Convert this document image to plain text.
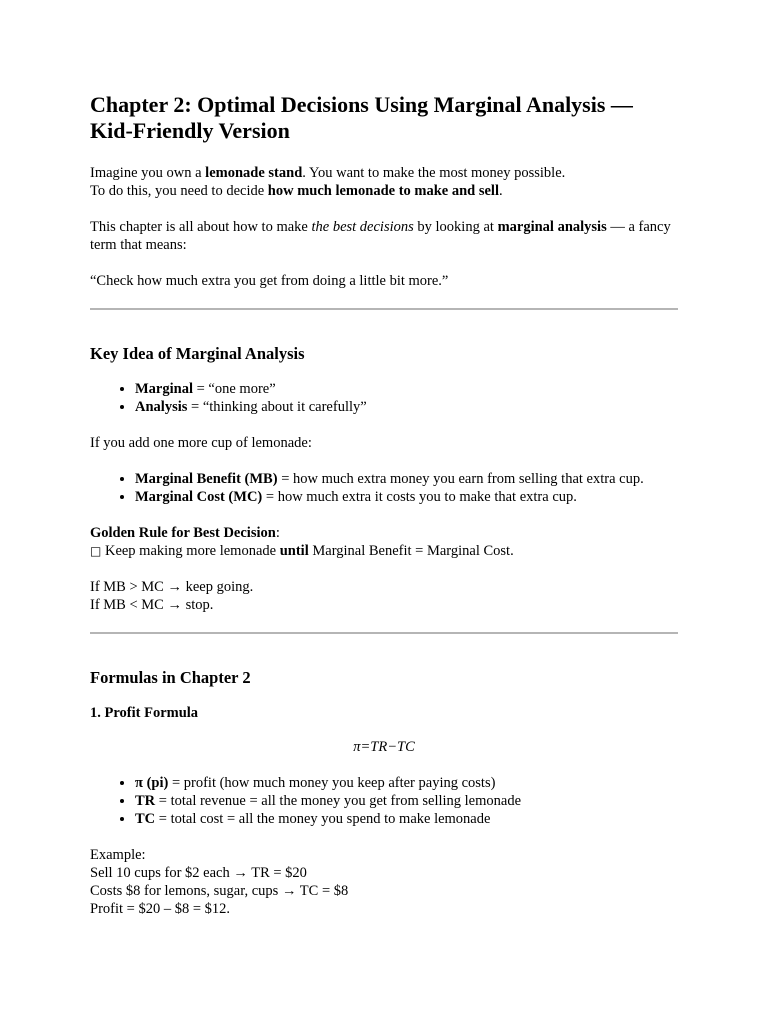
Chapter 2: Optimal Decisions Using Marginal Analysis — Kid-Friendly Version

Imagine you own a lemonade stand. You want to make the most money possible.
To do this, you need to decide how much lemonade to make and sell.

This chapter is all about how to make the best decisions by looking at marginal analysis — a fancy term that means:

“Check how much extra you get from doing a little bit more.”

Key Idea of Marginal Analysis
• Marginal = “one more”
• Analysis = “thinking about it carefully”

If you add one more cup of lemonade:

• Marginal Benefit (MB) = how much extra money you earn from selling that extra cup.
• Marginal Cost (MC) = how much extra it costs you to make that extra cup.

Golden Rule for Best Decision:
□ Keep making more lemonade until Marginal Benefit = Marginal Cost.

If MB > MC → keep going.
If MB < MC → stop.

Formulas in Chapter 2
1. Profit Formula
π=TR−TC
• π (pi) = profit (how much money you keep after paying costs)
• TR = total revenue = all the money you get from selling lemonade
• TC = total cost = all the money you spend to make lemonade

Example:
Sell 10 cups for $2 each → TR = $20
Costs $8 for lemons, sugar, cups → TC = $8
Profit = $20 – $8 = $12.
